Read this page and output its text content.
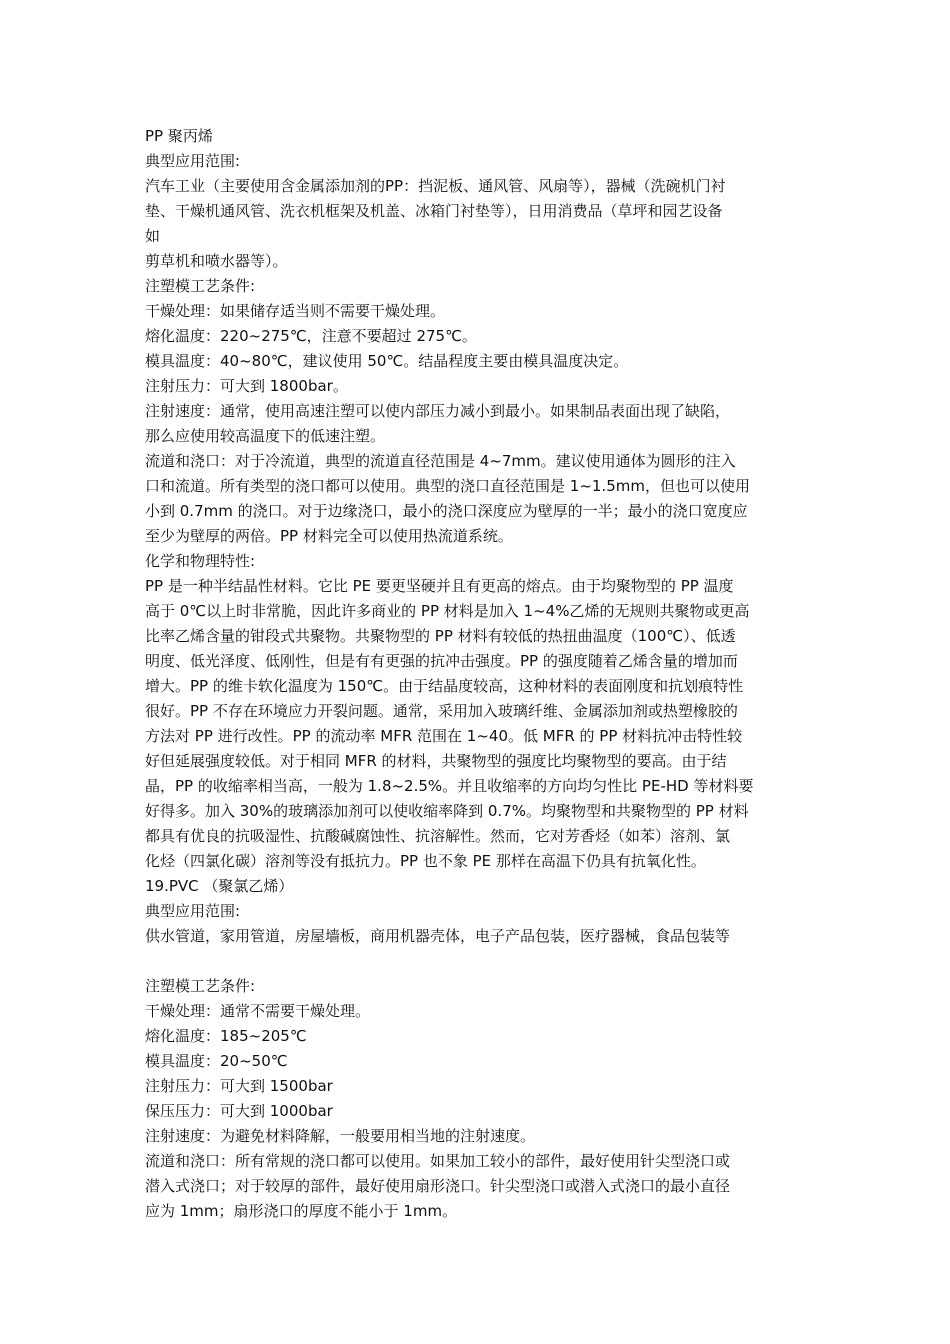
PP 聚丙烯

典型应用范围:

汽车工业（主要使用含金属添加剂的PP：挡泥板、通风管、风扇等），器械（洗碗机门衬

垫、干燥机通风管、洗衣机框架及机盖、冰箱门衬垫等），日用消费品（草坪和园艺设备

如

剪草机和喷水器等）。

注塑模工艺条件:

干燥处理：如果储存适当则不需要干燥处理。

熔化温度：220~275℃，注意不要超过 275℃。

模具温度：40~80℃，建议使用 50℃。结晶程度主要由模具温度决定。

注射压力：可大到 1800bar。

注射速度：通常，使用高速注塑可以使内部压力减小到最小。如果制品表面出现了缺陷，

那么应使用较高温度下的低速注塑。

流道和浇口：对于冷流道，典型的流道直径范围是 4~7mm。建议使用通体为圆形的注入

口和流道。所有类型的浇口都可以使用。典型的浇口直径范围是 1~1.5mm，但也可以使用

小到 0.7mm 的浇口。对于边缘浇口，最小的浇口深度应为壁厚的一半；最小的浇口宽度应

至少为壁厚的两倍。PP 材料完全可以使用热流道系统。

化学和物理特性:

PP 是一种半结晶性材料。它比 PE 要更坚硬并且有更高的熔点。由于均聚物型的 PP 温度

高于 0℃以上时非常脆，因此许多商业的 PP 材料是加入 1~4%乙烯的无规则共聚物或更高

比率乙烯含量的钳段式共聚物。共聚物型的 PP 材料有较低的热扭曲温度（100℃）、低透

明度、低光泽度、低刚性，但是有有更强的抗冲击强度。PP 的强度随着乙烯含量的增加而

增大。PP 的维卡软化温度为 150℃。由于结晶度较高，这种材料的表面刚度和抗划痕特性

很好。PP 不存在环境应力开裂问题。通常，采用加入玻璃纤维、金属添加剂或热塑橡胶的

方法对 PP 进行改性。PP 的流动率 MFR 范围在 1~40。低 MFR 的 PP 材料抗冲击特性较

好但延展强度较低。对于相同 MFR 的材料，共聚物型的强度比均聚物型的要高。由于结

晶，PP 的收缩率相当高，一般为 1.8~2.5%。并且收缩率的方向均匀性比 PE-HD 等材料要

好得多。加入 30%的玻璃添加剂可以使收缩率降到 0.7%。均聚物型和共聚物型的 PP 材料

都具有优良的抗吸湿性、抗酸碱腐蚀性、抗溶解性。然而，它对芳香烃（如苯）溶剂、氯

化烃（四氯化碳）溶剂等没有抵抗力。PP 也不象 PE 那样在高温下仍具有抗氧化性。

19.PVC （聚氯乙烯）

典型应用范围:

供水管道，家用管道，房屋墙板，商用机器壳体，电子产品包装，医疗器械，食品包装等

注塑模工艺条件:

干燥处理：通常不需要干燥处理。

熔化温度：185~205℃

模具温度：20~50℃

注射压力：可大到 1500bar

保压压力：可大到 1000bar

注射速度：为避免材料降解，一般要用相当地的注射速度。

流道和浇口：所有常规的浇口都可以使用。如果加工较小的部件，最好使用针尖型浇口或

潜入式浇口；对于较厚的部件，最好使用扇形浇口。针尖型浇口或潜入式浇口的最小直径

应为 1mm；扇形浇口的厚度不能小于 1mm。
